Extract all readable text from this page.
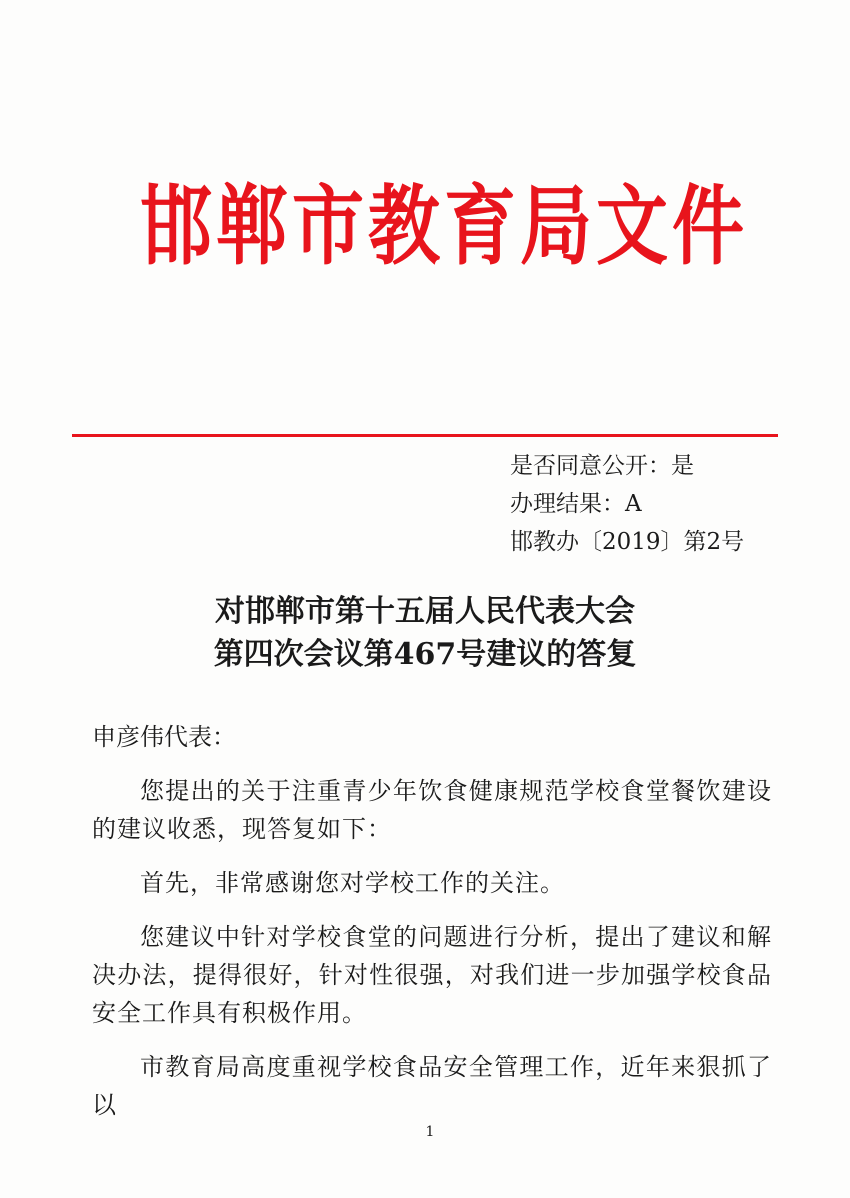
邯郸市教育局文件
是否同意公开：是
办理结果：A
邯教办〔2019〕第2号
对邯郸市第十五届人民代表大会
第四次会议第467号建议的答复
申彦伟代表：
您提出的关于注重青少年饮食健康规范学校食堂餐饮建设的建议收悉，现答复如下：
首先，非常感谢您对学校工作的关注。
您建议中针对学校食堂的问题进行分析，提出了建议和解决办法，提得很好，针对性很强，对我们进一步加强学校食品安全工作具有积极作用。
市教育局高度重视学校食品安全管理工作，近年来狠抓了以
1
